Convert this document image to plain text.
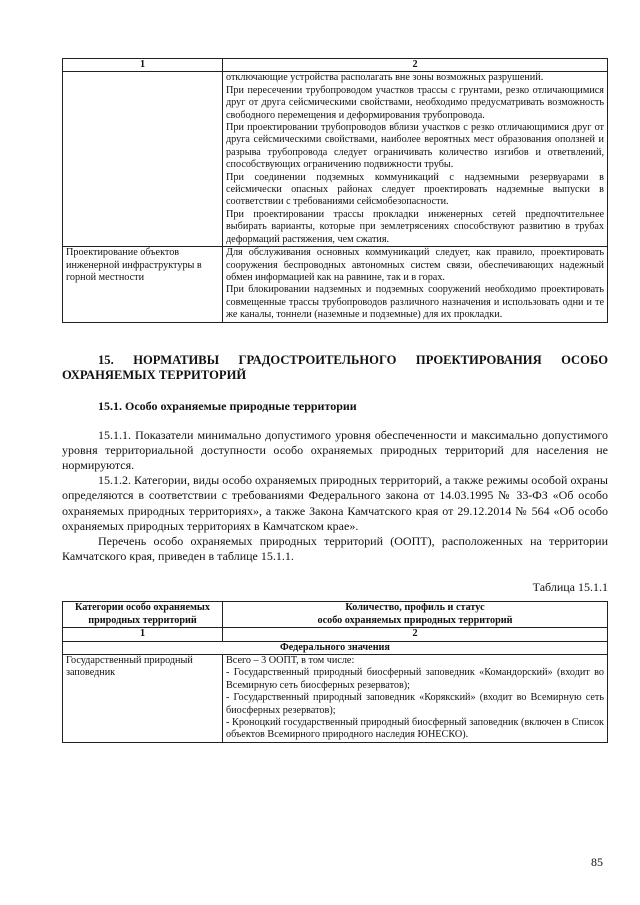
1	2

	отключающие устройства располагать вне зоны возможных разрушений.

При пересечении трубопроводом участков трассы с грунтами, резко отличающимися друг от друга сейсмическими свойствами, необходимо предусматривать возможность свободного перемещения и деформирования трубопровода.

При проектировании трубопроводов вблизи участков с резко отличающимися друг от друга сейсмическими свойствами, наиболее вероятных мест образования оползней и разрыва трубопровода следует ограничивать количество изгибов и ответвлений, способствующих ограничению подвижности трубы.

При соединении подземных коммуникаций с надземными резервуарами в сейсмически опасных районах следует проектировать надземные выпуски в соответствии с требованиями сейсмобезопасности.

При проектировании трассы прокладки инженерных сетей предпочтительнее выбирать варианты, которые при землетрясениях способствуют развитию в трубах деформаций растяжения, чем сжатия.

Проектирование объектов инженерной инфраструктуры в горной местности	Для обслуживания основных коммуникаций следует, как правило, проектировать сооружения беспроводных автономных систем связи, обеспечивающих надежный обмен информацией как на равнине, так и в горах.

При блокировании надземных и подземных сооружений необходимо проектировать совмещенные трассы трубопроводов различного назначения и использовать одни и те же каналы, тоннели (наземные и подземные) для их прокладки.

15. НОРМАТИВЫ ГРАДОСТРОИТЕЛЬНОГО ПРОЕКТИРОВАНИЯ ОСОБО
ОХРАНЯЕМЫХ ТЕРРИТОРИЙ
15.1. Особо охраняемые природные территории

15.1.1. Показатели минимально допустимого уровня обеспеченности и максимально допустимого уровня территориальной доступности особо охраняемых природных территорий для населения не нормируются.

15.1.2. Категории, виды особо охраняемых природных территорий, а также режимы особой охраны определяются в соответствии с требованиями Федерального закона от 14.03.1995 № 33-ФЗ «Об особо охраняемых природных территориях», а также Закона Камчатского края от 29.12.2014 № 564 «Об особо охраняемых природных территориях в Камчатском крае».

Перечень особо охраняемых природных территорий (ООПТ), расположенных на территории Камчатского края, приведен в таблице 15.1.1.

Таблица 15.1.1
Категории особо охраняемых природных территорий	Количество, профиль и статус
особо охраняемых природных территорий
1	2
Федерального значения	
Государственный природный заповедник	Всего – 3 ООПТ, в том числе:

- Государственный природный биосферный заповедник «Командорский» (входит во Всемирную сеть биосферных резерватов);

- Государственный природный заповедник «Корякский» (входит во Всемирную сеть биосферных резерватов);

- Кроноцкий государственный природный биосферный заповедник (включен в Список объектов Всемирного природного наследия ЮНЕСКО).

85
